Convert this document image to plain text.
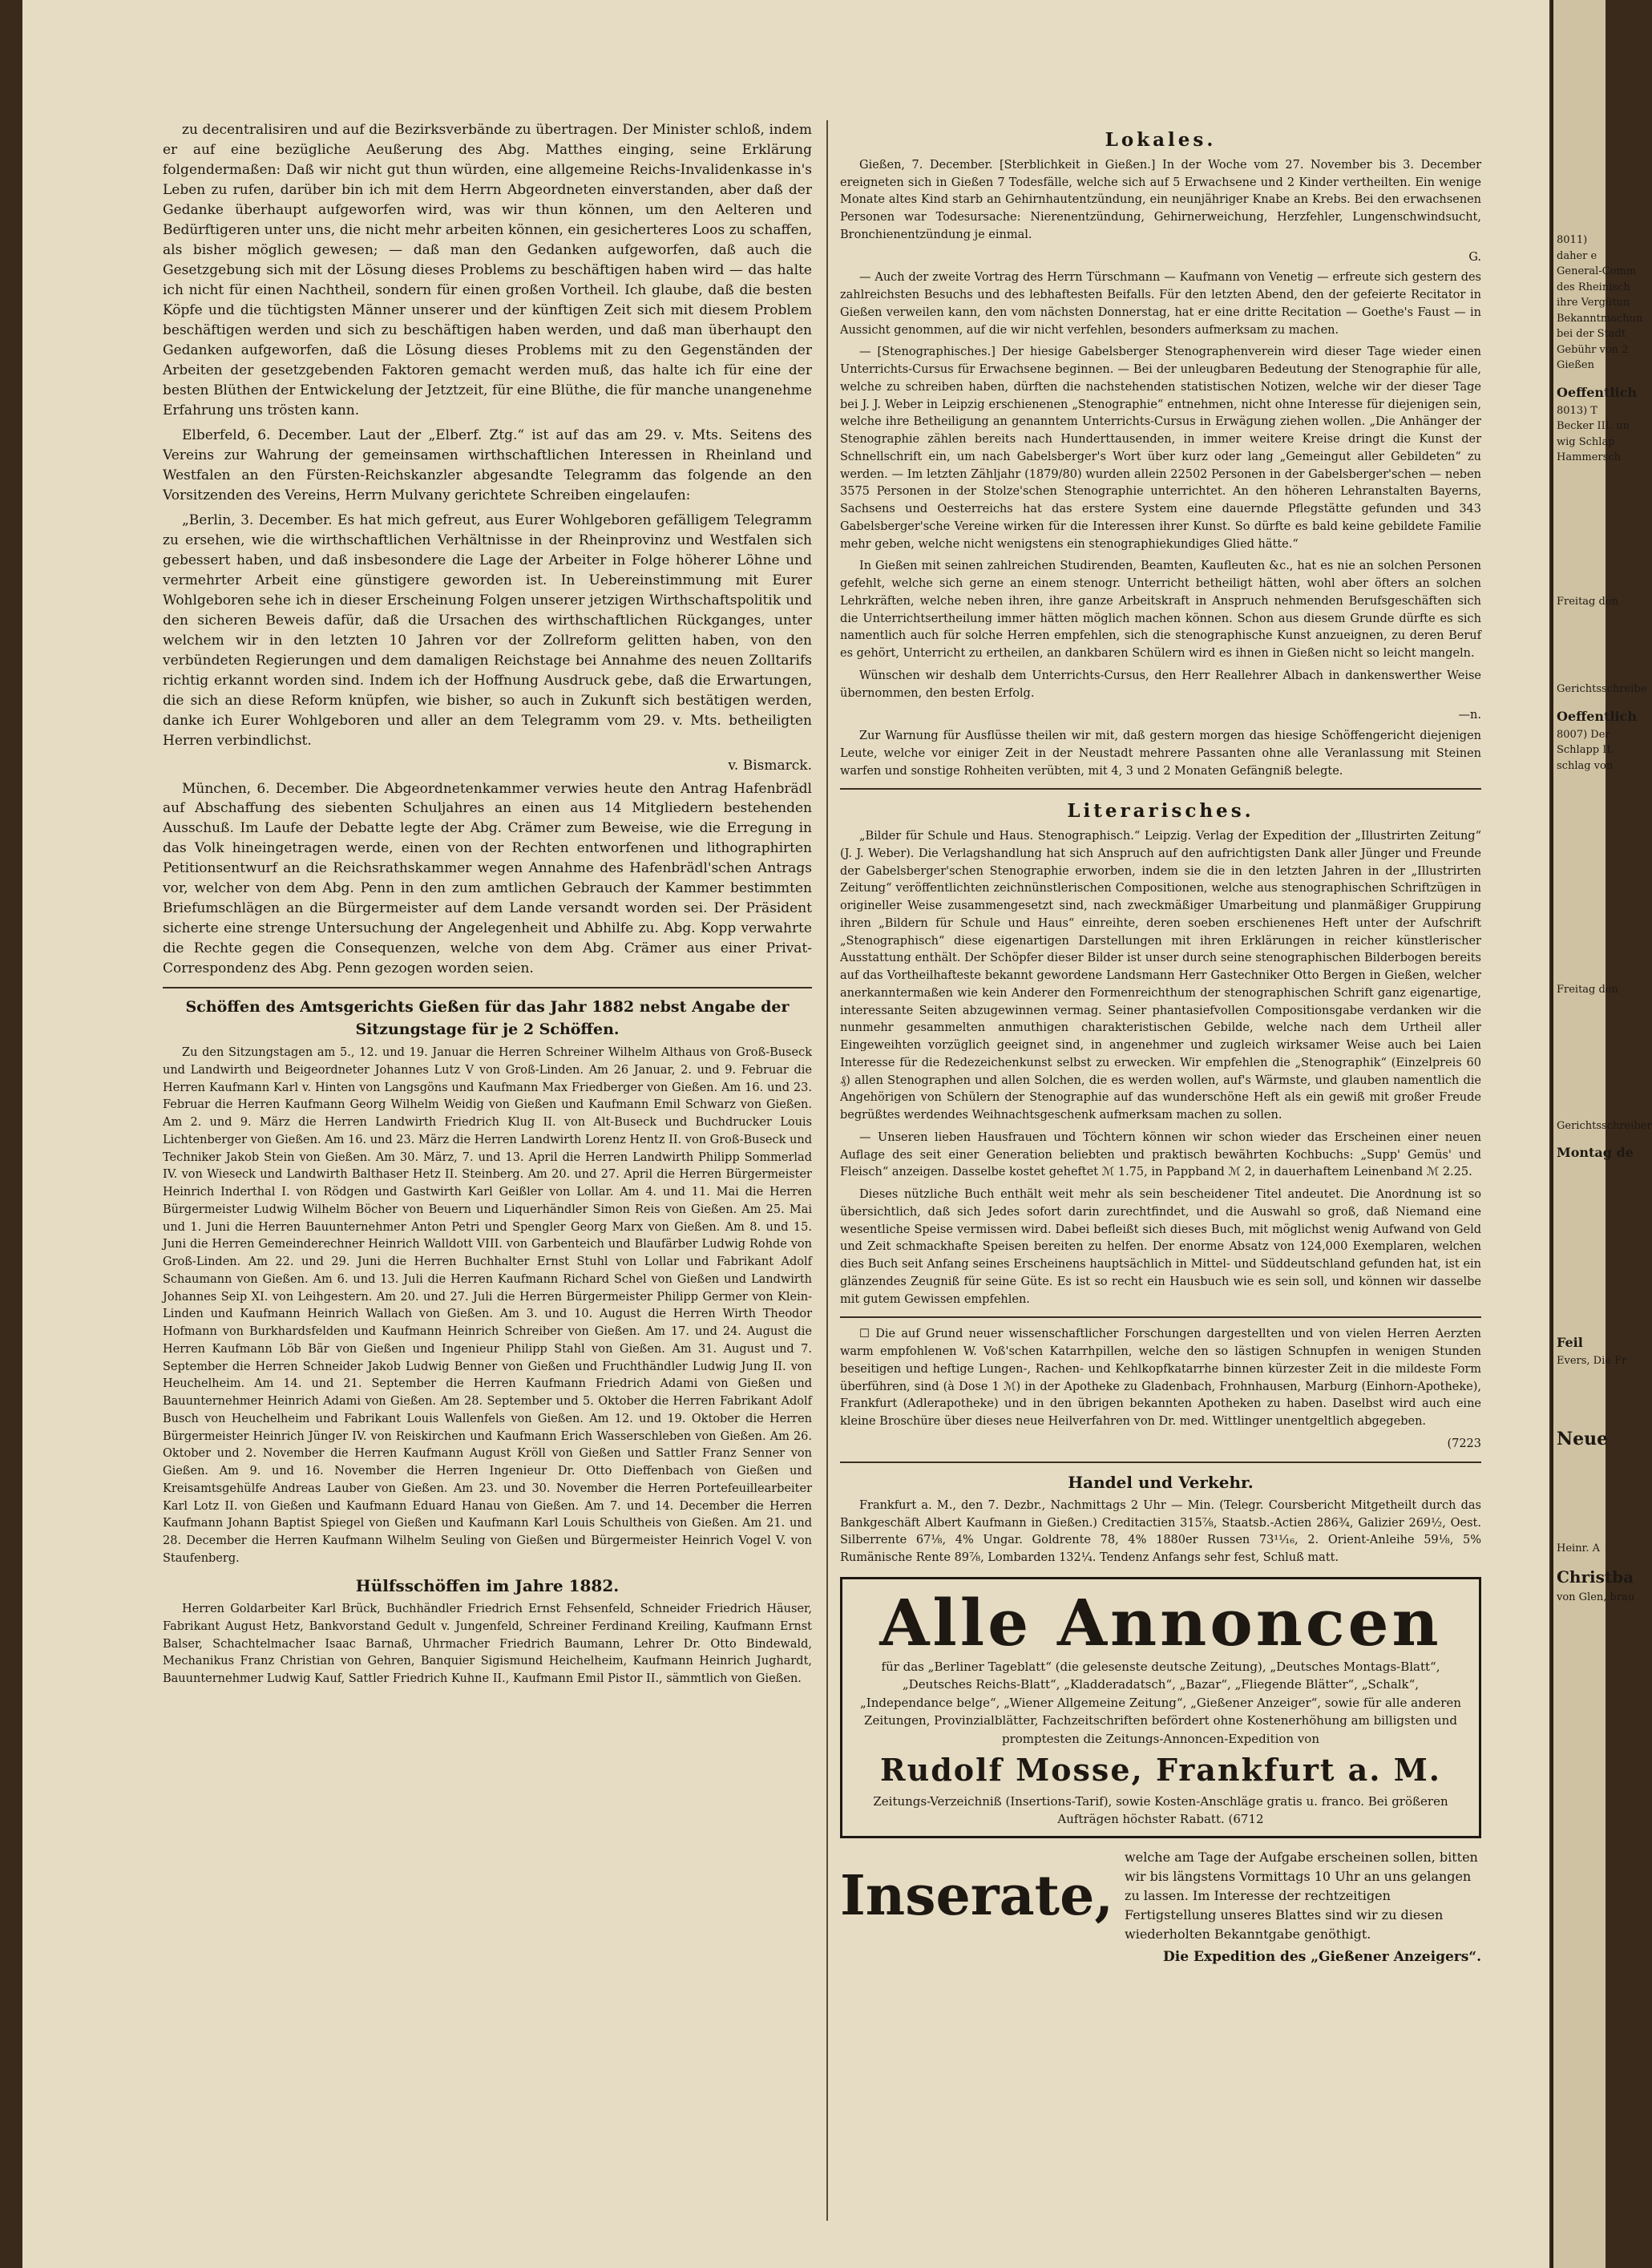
zu decentralisiren und auf die Bezirksverbände zu übertragen. Der Minister schloß, indem er auf eine bezügliche Aeußerung des Abg. Matthes einging, seine Erklärung folgendermaßen: Daß wir nicht gut thun würden, eine allgemeine Reichs-Invalidenkasse in's Leben zu rufen, darüber bin ich mit dem Herrn Abgeordneten einverstanden, aber daß der Gedanke überhaupt aufgeworfen wird, was wir thun können, um den Aelteren und Bedürftigeren unter uns, die nicht mehr arbeiten können, ein gesicherteres Loos zu schaffen, als bisher möglich gewesen; — daß man den Gedanken aufgeworfen, daß auch die Gesetzgebung sich mit der Lösung dieses Problems zu beschäftigen haben wird — das halte ich nicht für einen Nachtheil, sondern für einen großen Vortheil. Ich glaube, daß die besten Köpfe und die tüchtigsten Männer unserer und der künftigen Zeit sich mit diesem Problem beschäftigen werden und sich zu beschäftigen haben werden, und daß man überhaupt den Gedanken aufgeworfen, daß die Lösung dieses Problems mit zu den Gegenständen der Arbeiten der gesetzgebenden Faktoren gemacht werden muß, das halte ich für eine der besten Blüthen der Entwickelung der Jetztzeit, für eine Blüthe, die für manche unangenehme Erfahrung uns trösten kann.

Elberfeld, 6. December. Laut der „Elberf. Ztg.“ ist auf das am 29. v. Mts. Seitens des Vereins zur Wahrung der gemeinsamen wirthschaftlichen Interessen in Rheinland und Westfalen an den Fürsten-Reichskanzler abgesandte Telegramm das folgende an den Vorsitzenden des Vereins, Herrn Mulvany gerichtete Schreiben eingelaufen:

„Berlin, 3. December. Es hat mich gefreut, aus Eurer Wohlgeboren gefälligem Telegramm zu ersehen, wie die wirthschaftlichen Verhältnisse in der Rheinprovinz und Westfalen sich gebessert haben, und daß insbesondere die Lage der Arbeiter in Folge höherer Löhne und vermehrter Arbeit eine günstigere geworden ist. In Uebereinstimmung mit Eurer Wohlgeboren sehe ich in dieser Erscheinung Folgen unserer jetzigen Wirthschaftspolitik und den sicheren Beweis dafür, daß die Ursachen des wirthschaftlichen Rückganges, unter welchem wir in den letzten 10 Jahren vor der Zollreform gelitten haben, von den verbündeten Regierungen und dem damaligen Reichstage bei Annahme des neuen Zolltarifs richtig erkannt worden sind. Indem ich der Hoffnung Ausdruck gebe, daß die Erwartungen, die sich an diese Reform knüpfen, wie bisher, so auch in Zukunft sich bestätigen werden, danke ich Eurer Wohlgeboren und aller an dem Telegramm vom 29. v. Mts. betheiligten Herren verbindlichst.

v. Bismarck.

München, 6. December. Die Abgeordnetenkammer verwies heute den Antrag Hafenbrädl auf Abschaffung des siebenten Schuljahres an einen aus 14 Mitgliedern bestehenden Ausschuß. Im Laufe der Debatte legte der Abg. Crämer zum Beweise, wie die Erregung in das Volk hineingetragen werde, einen von der Rechten entworfenen und lithographirten Petitionsentwurf an die Reichsrathskammer wegen Annahme des Hafenbrädl'schen Antrags vor, welcher von dem Abg. Penn in den zum amtlichen Gebrauch der Kammer bestimmten Briefumschlägen an die Bürgermeister auf dem Lande versandt worden sei. Der Präsident sicherte eine strenge Untersuchung der Angelegenheit und Abhilfe zu. Abg. Kopp verwahrte die Rechte gegen die Consequenzen, welche von dem Abg. Crämer aus einer Privat-Correspondenz des Abg. Penn gezogen worden seien.

Schöffen des Amtsgerichts Gießen für das Jahr 1882 nebst Angabe der Sitzungstage für je 2 Schöffen.

Zu den Sitzungstagen am 5., 12. und 19. Januar die Herren Schreiner Wilhelm Althaus von Groß-Buseck und Landwirth und Beigeordneter Johannes Lutz V von Groß-Linden. Am 26 Januar, 2. und 9. Februar die Herren Kaufmann Karl v. Hinten von Langsgöns und Kaufmann Max Friedberger von Gießen. Am 16. und 23. Februar die Herren Kaufmann Georg Wilhelm Weidig von Gießen und Kaufmann Emil Schwarz von Gießen. Am 2. und 9. März die Herren Landwirth Friedrich Klug II. von Alt-Buseck und Buchdrucker Louis Lichtenberger von Gießen. Am 16. und 23. März die Herren Landwirth Lorenz Hentz II. von Groß-Buseck und Techniker Jakob Stein von Gießen. Am 30. März, 7. und 13. April die Herren Landwirth Philipp Sommerlad IV. von Wieseck und Landwirth Balthaser Hetz II. Steinberg. Am 20. und 27. April die Herren Bürgermeister Heinrich Inderthal I. von Rödgen und Gastwirth Karl Geißler von Lollar. Am 4. und 11. Mai die Herren Bürgermeister Ludwig Wilhelm Böcher von Beuern und Liquerhändler Simon Reis von Gießen. Am 25. Mai und 1. Juni die Herren Bauunternehmer Anton Petri und Spengler Georg Marx von Gießen. Am 8. und 15. Juni die Herren Gemeinderechner Heinrich Walldott VIII. von Garbenteich und Blaufärber Ludwig Rohde von Groß-Linden. Am 22. und 29. Juni die Herren Buchhalter Ernst Stuhl von Lollar und Fabrikant Adolf Schaumann von Gießen. Am 6. und 13. Juli die Herren Kaufmann Richard Schel von Gießen und Landwirth Johannes Seip XI. von Leihgestern. Am 20. und 27. Juli die Herren Bürgermeister Philipp Germer von Klein-Linden und Kaufmann Heinrich Wallach von Gießen. Am 3. und 10. August die Herren Wirth Theodor Hofmann von Burkhardsfelden und Kaufmann Heinrich Schreiber von Gießen. Am 17. und 24. August die Herren Kaufmann Löb Bär von Gießen und Ingenieur Philipp Stahl von Gießen. Am 31. August und 7. September die Herren Schneider Jakob Ludwig Benner von Gießen und Fruchthändler Ludwig Jung II. von Heuchelheim. Am 14. und 21. September die Herren Kaufmann Friedrich Adami von Gießen und Bauunternehmer Heinrich Adami von Gießen. Am 28. September und 5. Oktober die Herren Fabrikant Adolf Busch von Heuchelheim und Fabrikant Louis Wallenfels von Gießen. Am 12. und 19. Oktober die Herren Bürgermeister Heinrich Jünger IV. von Reiskirchen und Kaufmann Erich Wasserschleben von Gießen. Am 26. Oktober und 2. November die Herren Kaufmann August Kröll von Gießen und Sattler Franz Senner von Gießen. Am 9. und 16. November die Herren Ingenieur Dr. Otto Dieffenbach von Gießen und Kreisamtsgehülfe Andreas Lauber von Gießen. Am 23. und 30. November die Herren Portefeuillearbeiter Karl Lotz II. von Gießen und Kaufmann Eduard Hanau von Gießen. Am 7. und 14. December die Herren Kaufmann Johann Baptist Spiegel von Gießen und Kaufmann Karl Louis Schultheis von Gießen. Am 21. und 28. December die Herren Kaufmann Wilhelm Seuling von Gießen und Bürgermeister Heinrich Vogel V. von Staufenberg.

Hülfsschöffen im Jahre 1882.

Herren Goldarbeiter Karl Brück, Buchhändler Friedrich Ernst Fehsenfeld, Schneider Friedrich Häuser, Fabrikant August Hetz, Bankvorstand Gedult v. Jungenfeld, Schreiner Ferdinand Kreiling, Kaufmann Ernst Balser, Schachtelmacher Isaac Barnaß, Uhrmacher Friedrich Baumann, Lehrer Dr. Otto Bindewald, Mechanikus Franz Christian von Gehren, Banquier Sigismund Heichelheim, Kaufmann Heinrich Jughardt, Bauunternehmer Ludwig Kauf, Sattler Friedrich Kuhne II., Kaufmann Emil Pistor II., sämmtlich von Gießen.

Lokales.

Gießen, 7. December. [Sterblichkeit in Gießen.] In der Woche vom 27. November bis 3. December ereigneten sich in Gießen 7 Todesfälle, welche sich auf 5 Erwachsene und 2 Kinder vertheilten. Ein wenige Monate altes Kind starb an Gehirnhautentzündung, ein neunjähriger Knabe an Krebs. Bei den erwachsenen Personen war Todesursache: Nierenentzündung, Gehirnerweichung, Herzfehler, Lungenschwindsucht, Bronchienentzündung je einmal.

G.

— Auch der zweite Vortrag des Herrn Türschmann — Kaufmann von Venetig — erfreute sich gestern des zahlreichsten Besuchs und des lebhaftesten Beifalls. Für den letzten Abend, den der gefeierte Recitator in Gießen verweilen kann, den vom nächsten Donnerstag, hat er eine dritte Recitation — Goethe's Faust — in Aussicht genommen, auf die wir nicht verfehlen, besonders aufmerksam zu machen.

— [Stenographisches.] Der hiesige Gabelsberger Stenographenverein wird dieser Tage wieder einen Unterrichts-Cursus für Erwachsene beginnen. — Bei der unleugbaren Bedeutung der Stenographie für alle, welche zu schreiben haben, dürften die nachstehenden statistischen Notizen, welche wir der dieser Tage bei J. J. Weber in Leipzig erschienenen „Stenographie“ entnehmen, nicht ohne Interesse für diejenigen sein, welche ihre Betheiligung an genanntem Unterrichts-Cursus in Erwägung ziehen wollen. „Die Anhänger der Stenographie zählen bereits nach Hunderttausenden, in immer weitere Kreise dringt die Kunst der Schnellschrift ein, um nach Gabelsberger's Wort über kurz oder lang „Gemeingut aller Gebildeten“ zu werden. — Im letzten Zähljahr (1879/80) wurden allein 22502 Personen in der Gabelsberger'schen — neben 3575 Personen in der Stolze'schen Stenographie unterrichtet. An den höheren Lehranstalten Bayerns, Sachsens und Oesterreichs hat das erstere System eine dauernde Pflegstätte gefunden und 343 Gabelsberger'sche Vereine wirken für die Interessen ihrer Kunst. So dürfte es bald keine gebildete Familie mehr geben, welche nicht wenigstens ein stenographiekundiges Glied hätte.“

In Gießen mit seinen zahlreichen Studirenden, Beamten, Kaufleuten &c., hat es nie an solchen Personen gefehlt, welche sich gerne an einem stenogr. Unterricht betheiligt hätten, wohl aber öfters an solchen Lehrkräften, welche neben ihren, ihre ganze Arbeitskraft in Anspruch nehmenden Berufsgeschäften sich die Unterrichtsertheilung immer hätten möglich machen können. Schon aus diesem Grunde dürfte es sich namentlich auch für solche Herren empfehlen, sich die stenographische Kunst anzueignen, zu deren Beruf es gehört, Unterricht zu ertheilen, an dankbaren Schülern wird es ihnen in Gießen nicht so leicht mangeln.

Wünschen wir deshalb dem Unterrichts-Cursus, den Herr Reallehrer Albach in dankenswerther Weise übernommen, den besten Erfolg.

—n.

Zur Warnung für Ausflüsse theilen wir mit, daß gestern morgen das hiesige Schöffengericht diejenigen Leute, welche vor einiger Zeit in der Neustadt mehrere Passanten ohne alle Veranlassung mit Steinen warfen und sonstige Rohheiten verübten, mit 4, 3 und 2 Monaten Gefängniß belegte.

Literarisches.

„Bilder für Schule und Haus. Stenographisch.“ Leipzig. Verlag der Expedition der „Illustrirten Zeitung“ (J. J. Weber). Die Verlagshandlung hat sich Anspruch auf den aufrichtigsten Dank aller Jünger und Freunde der Gabelsberger'schen Stenographie erworben, indem sie die in den letzten Jahren in der „Illustrirten Zeitung“ veröffentlichten zeichnünstlerischen Compositionen, welche aus stenographischen Schriftzügen in origineller Weise zusammengesetzt sind, nach zweckmäßiger Umarbeitung und planmäßiger Gruppirung ihren „Bildern für Schule und Haus“ einreihte, deren soeben erschienenes Heft unter der Aufschrift „Stenographisch“ diese eigenartigen Darstellungen mit ihren Erklärungen in reicher künstlerischer Ausstattung enthält. Der Schöpfer dieser Bilder ist unser durch seine stenographischen Bilderbogen bereits auf das Vortheilhafteste bekannt gewordene Landsmann Herr Gastechniker Otto Bergen in Gießen, welcher anerkanntermaßen wie kein Anderer den Formenreichthum der stenographischen Schrift ganz eigenartige, interessante Seiten abzugewinnen vermag. Seiner phantasiefvollen Compositionsgabe verdanken wir die nunmehr gesammelten anmuthigen charakteristischen Gebilde, welche nach dem Urtheil aller Eingeweihten vorzüglich geeignet sind, in angenehmer und zugleich wirksamer Weise auch bei Laien Interesse für die Redezeichenkunst selbst zu erwecken. Wir empfehlen die „Stenographik“ (Einzelpreis 60 ₰) allen Stenographen und allen Solchen, die es werden wollen, auf's Wärmste, und glauben namentlich die Angehörigen von Schülern der Stenographie auf das wunderschöne Heft als ein gewiß mit großer Freude begrüßtes werdendes Weihnachtsgeschenk aufmerksam machen zu sollen.

— Unseren lieben Hausfrauen und Töchtern können wir schon wieder das Erscheinen einer neuen Auflage des seit einer Generation beliebten und praktisch bewährten Kochbuchs: „Supp' Gemüs' und Fleisch“ anzeigen. Dasselbe kostet geheftet ℳ 1.75, in Pappband ℳ 2, in dauerhaftem Leinenband ℳ 2.25.

Dieses nützliche Buch enthält weit mehr als sein bescheidener Titel andeutet. Die Anordnung ist so übersichtlich, daß sich Jedes sofort darin zurechtfindet, und die Auswahl so groß, daß Niemand eine wesentliche Speise vermissen wird. Dabei befleißt sich dieses Buch, mit möglichst wenig Aufwand von Geld und Zeit schmackhafte Speisen bereiten zu helfen. Der enorme Absatz von 124,000 Exemplaren, welchen dies Buch seit Anfang seines Erscheinens hauptsächlich in Mittel- und Süddeutschland gefunden hat, ist ein glänzendes Zeugniß für seine Güte. Es ist so recht ein Hausbuch wie es sein soll, und können wir dasselbe mit gutem Gewissen empfehlen.

☐ Die auf Grund neuer wissenschaftlicher Forschungen dargestellten und von vielen Herren Aerzten warm empfohlenen W. Voß'schen Katarrhpillen, welche den so lästigen Schnupfen in wenigen Stunden beseitigen und heftige Lungen-, Rachen- und Kehlkopfkatarrhe binnen kürzester Zeit in die mildeste Form überführen, sind (à Dose 1 ℳ) in der Apotheke zu Gladenbach, Frohnhausen, Marburg (Einhorn-Apotheke), Frankfurt (Adlerapotheke) und in den übrigen bekannten Apotheken zu haben. Daselbst wird auch eine kleine Broschüre über dieses neue Heilverfahren von Dr. med. Wittlinger unentgeltlich abgegeben.

(7223
Handel und Verkehr.

Frankfurt a. M., den 7. Dezbr., Nachmittags 2 Uhr — Min. (Telegr. Coursbericht Mitgetheilt durch das Bankgeschäft Albert Kaufmann in Gießen.) Creditactien 315⅞, Staatsb.-Actien 286¾, Galizier 269½, Oest. Silberrente 67⅛, 4% Ungar. Goldrente 78, 4% 1880er Russen 73¹¹⁄₁₆, 2. Orient-Anleihe 59⅛, 5% Rumänische Rente 89⅞, Lombarden 132¼. Tendenz Anfangs sehr fest, Schluß matt.

Alle Annoncen
für das „Berliner Tageblatt“ (die gelesenste deutsche Zeitung), „Deutsches Montags-Blatt“, „Deutsches Reichs-Blatt“, „Kladderadatsch“, „Bazar“, „Fliegende Blätter“, „Schalk“, „Independance belge“, „Wiener Allgemeine Zeitung“, „Gießener Anzeiger“, sowie für alle anderen Zeitungen, Provinzialblätter, Fachzeitschriften befördert ohne Kostenerhöhung am billigsten und promptesten die Zeitungs-Annoncen-Expedition von
Rudolf Mosse, Frankfurt a. M.
Zeitungs-Verzeichniß (Insertions-Tarif), sowie Kosten-Anschläge gratis u. franco. Bei größeren Aufträgen höchster Rabatt. (6712
Inserate,
welche am Tage der Aufgabe erscheinen sollen, bitten wir bis längstens Vormittags 10 Uhr an uns gelangen zu lassen. Im Interesse der rechtzeitigen Fertigstellung unseres Blattes sind wir zu diesen wiederholten Bekanntgabe genöthigt.
Die Expedition des „Gießener Anzeigers“.
8011)
daher e
General-Comm
des Rheinisch
ihre Vergütun
Bekanntmachun
bei der Stadt
Gebühr von 2
Gießen
Oeffentlich
8013) T
Becker III. un
wig Schlap
Hammersch
Freitag den
Gerichtsschreibe
Oeffentlich
8007) Der
Schlapp II.
schlag von
Freitag den
Gerichtsschreiber
Montag de
Feil
Evers, Die Fr
Neue
Heinr. A
Christba
von Glen, brau
